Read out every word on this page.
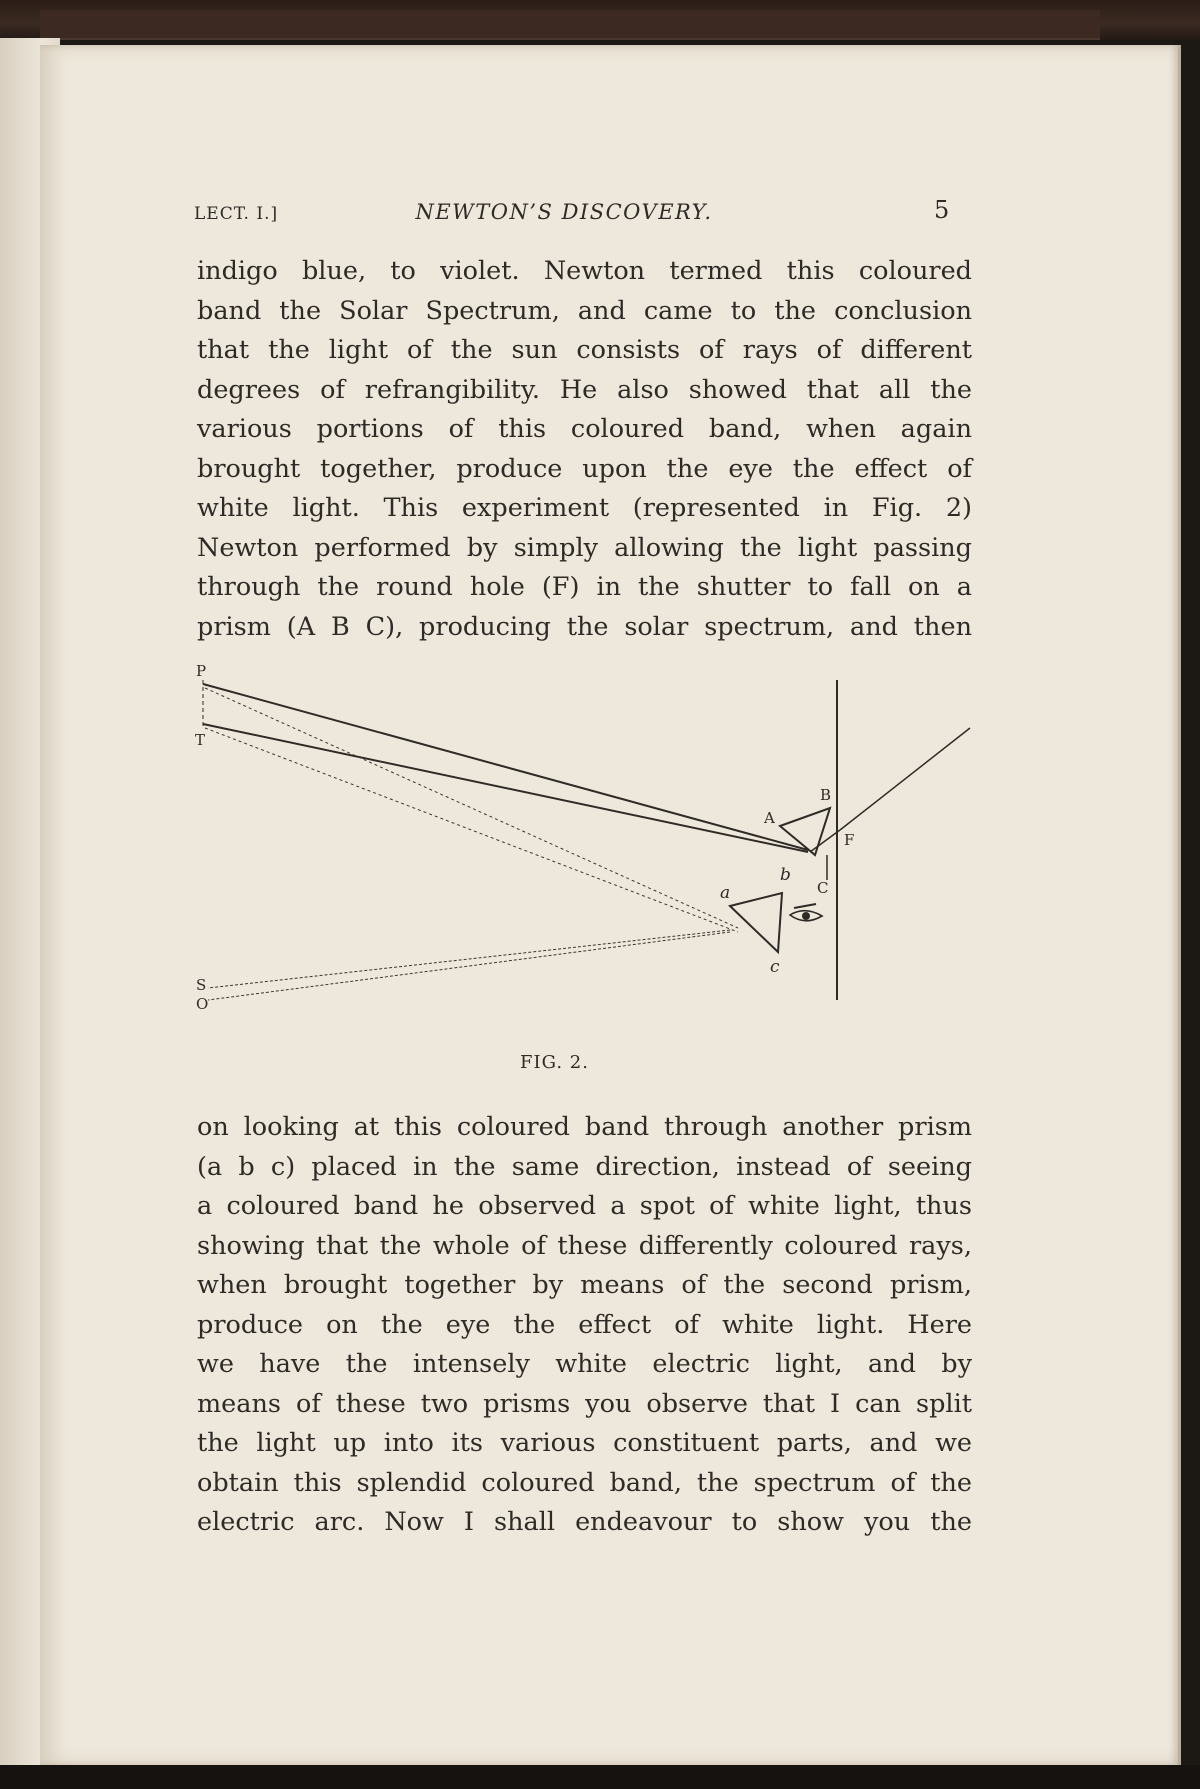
LECT. I.]	NEWTON’S DISCOVERY.	5
indigo blue, to violet. Newton termed this coloured
band the Solar Spectrum, and came to the conclusion
that the light of the sun consists of rays of different
degrees of refrangibility. He also showed that all the
various portions of this coloured band, when again
brought together, produce upon the eye the effect of
white light. This experiment (represented in Fig. 2)
Newton performed by simply allowing the light passing
through the round hole (F) in the shutter to fall on a
prism (A B C), producing the solar spectrum, and then
P
T
S
O
A
B
C
F
a
b
c
FIG. 2.
on looking at this coloured band through another prism
(a b c) placed in the same direction, instead of seeing
a coloured band he observed a spot of white light, thus
showing that the whole of these differently coloured rays,
when brought together by means of the second prism,
produce on the eye the effect of white light. Here
we have the intensely white electric light, and by
means of these two prisms you observe that I can split
the light up into its various constituent parts, and we
obtain this splendid coloured band, the spectrum of the
electric arc. Now I shall endeavour to show you the
